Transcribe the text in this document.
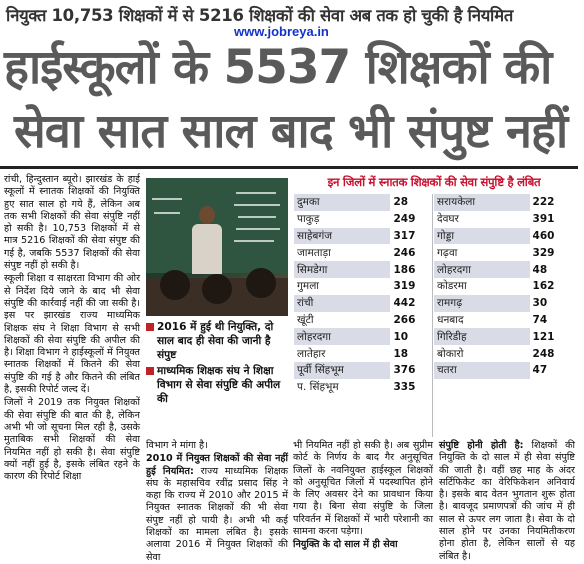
नियुक्त 10,753 शिक्षकों में से 5216 शिक्षकों की सेवा अब तक हो चुकी है नियमित
www.jobreya.in
हाईस्कूलों के 5537 शिक्षकों की
सेवा सात साल बाद भी संपुष्ट नहीं

रांची, हिन्दुस्तान ब्यूरो। झारखंड के हाई स्कूलों में स्नातक शिक्षकों की नियुक्ति हुए सात साल हो गये हैं, लेकिन अब तक सभी शिक्षकों की सेवा संपुष्टि नहीं हो सकी है। 10,753 शिक्षकों में से मात्र 5216 शिक्षकों की सेवा संपुष्ट की गई है, जबकि 5537 शिक्षकों की सेवा संपुष्ट नहीं हो सकी है।

स्कूली शिक्षा व साक्षरता विभाग की ओर से निर्देश दिये जाने के बाद भी सेवा संपुष्टि की कार्रवाई नहीं की जा सकी है। इस पर झारखंड राज्य माध्यमिक शिक्षक संघ ने शिक्षा विभाग से सभी शिक्षकों की सेवा संपुष्टि की अपील की है। शिक्षा विभाग ने हाईस्कूलों में नियुक्त स्नातक शिक्षकों में कितने की सेवा संपुष्टि की गई है और कितने की लंबित है, इसकी रिपोर्ट जल्द दें।

जिलों ने 2019 तक नियुक्त शिक्षकों की सेवा संपुष्टि की बात की है, लेकिन अभी भी जो सूचना मिल रही है, उसके मुताबिक सभी शिक्षकों की सेवा नियमित नहीं हो सकी है। सेवा संपुष्टि क्यों नहीं हुई है, इसके लंबित रहने के कारण की रिपोर्ट शिक्षा

2016 में हुई थी नियुक्ति, दो साल बाद ही सेवा की जानी है संपुष्ट
माध्यमिक शिक्षक संघ ने शिक्षा विभाग से सेवा संपुष्टि की अपील की
इन जिलों में स्नातक शिक्षकों की सेवा संपुष्टि है लंबित
दुमका	28
पाकुड़	249
साहेबगंज	317
जामताड़ा	246
सिमडेगा	186
गुमला	319
रांची	442
खूंटी	266
लोहरदगा	10
लातेहार	18
पूर्वी सिंहभूम	376
प. सिंहभूम	335
सरायकेला	222
देवघर	391
गोड्डा	460
गढ़वा	329
लोहरदगा	48
कोडरमा	162
रामगढ़	30
धनबाद	74
गिरिडीह	121
बोकारो	248
चतरा	47

विभाग ने मांगा है।

2010 में नियुक्त शिक्षकों की सेवा नहीं हुई नियमित: राज्य माध्यमिक शिक्षक संघ के महासचिव रवींद्र प्रसाद सिंह ने कहा कि राज्य में 2010 और 2015 में नियुक्त स्नातक शिक्षकों की भी सेवा संपुष्ट नहीं हो पायी है। अभी भी कई शिक्षकों का मामला लंबित है। इसके अलावा 2016 में नियुक्त शिक्षकों की सेवा

भी नियमित नहीं हो सकी है। अब सुप्रीम कोर्ट के निर्णय के बाद गैर अनुसूचित जिलों के नवनियुक्त हाईस्कूल शिक्षकों को अनुसूचित जिलों में पदस्थापित होने के लिए अवसर देने का प्रावधान किया गया है। बिना सेवा संपुष्टि के जिला परिवर्तन में शिक्षकों में भारी परेशानी का सामना करना पड़ेगा।

नियुक्ति के दो साल में ही सेवा

संपुष्टि होनी होती है: शिक्षकों की नियुक्ति के दो साल में ही सेवा संपुष्टि की जाती है। वहीं छह माह के अंदर सर्टिफिकेट का वेरिफिकेशन अनिवार्य है। इसके बाद वेतन भुगतान शुरू होता है। बावजूद प्रमाणपत्रों की जांच में ही साल से ऊपर लग जाता है। सेवा के दो साल होने पर उनका नियमितीकरण होना होता है, लेकिन सालों से यह लंबित है।
